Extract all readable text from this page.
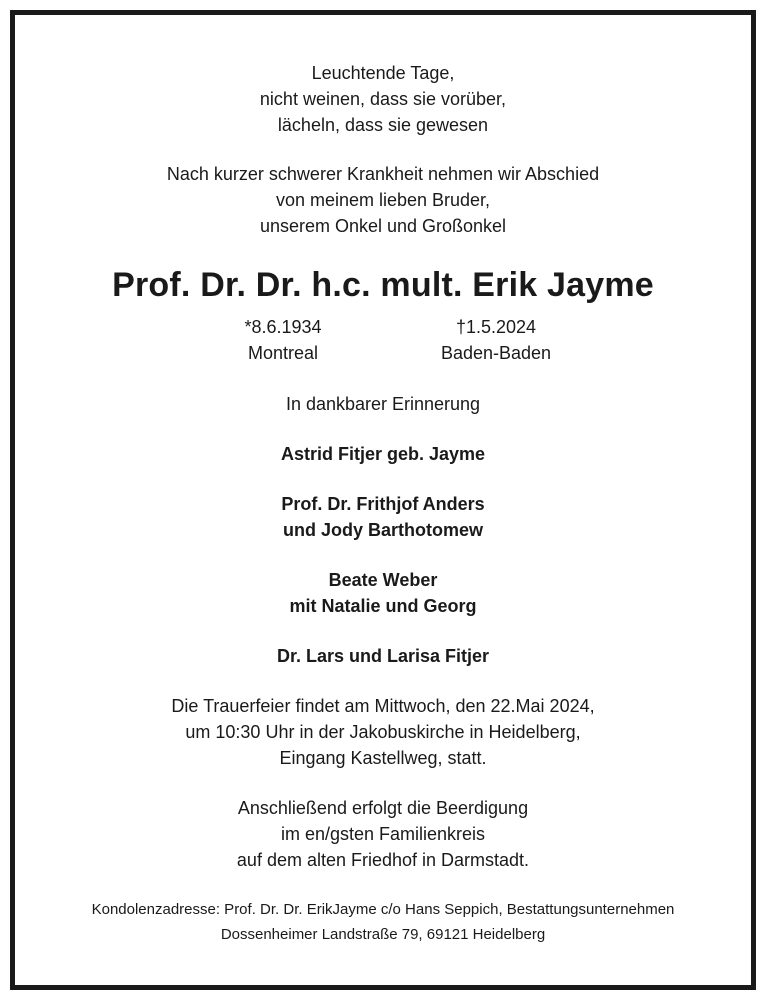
Leuchtende Tage,
nicht weinen, dass sie vorüber,
lächeln, dass sie gewesen
Nach kurzer schwerer Krankheit nehmen wir Abschied
von meinem lieben Bruder,
unserem Onkel und Großonkel
Prof. Dr. Dr. h.c. mult. Erik Jayme
*8.6.1934
Montreal
†1.5.2024
Baden-Baden
In dankbarer Erinnerung
Astrid Fitjer geb. Jayme
Prof. Dr. Frithjof Anders
und Jody Barthotomew
Beate Weber
mit Natalie und Georg
Dr. Lars und Larisa Fitjer
Die Trauerfeier findet am Mittwoch, den 22.Mai 2024,
um 10:30 Uhr in der Jakobuskirche in Heidelberg,
Eingang Kastellweg, statt.
Anschließend erfolgt die Beerdigung
im en/gsten Familienkreis
auf dem alten Friedhof in Darmstadt.
Kondolenzadresse: Prof. Dr. Dr. ErikJayme c/o Hans Seppich, Bestattungsunternehmen
Dossenheimer Landstraße 79, 69121 Heidelberg
